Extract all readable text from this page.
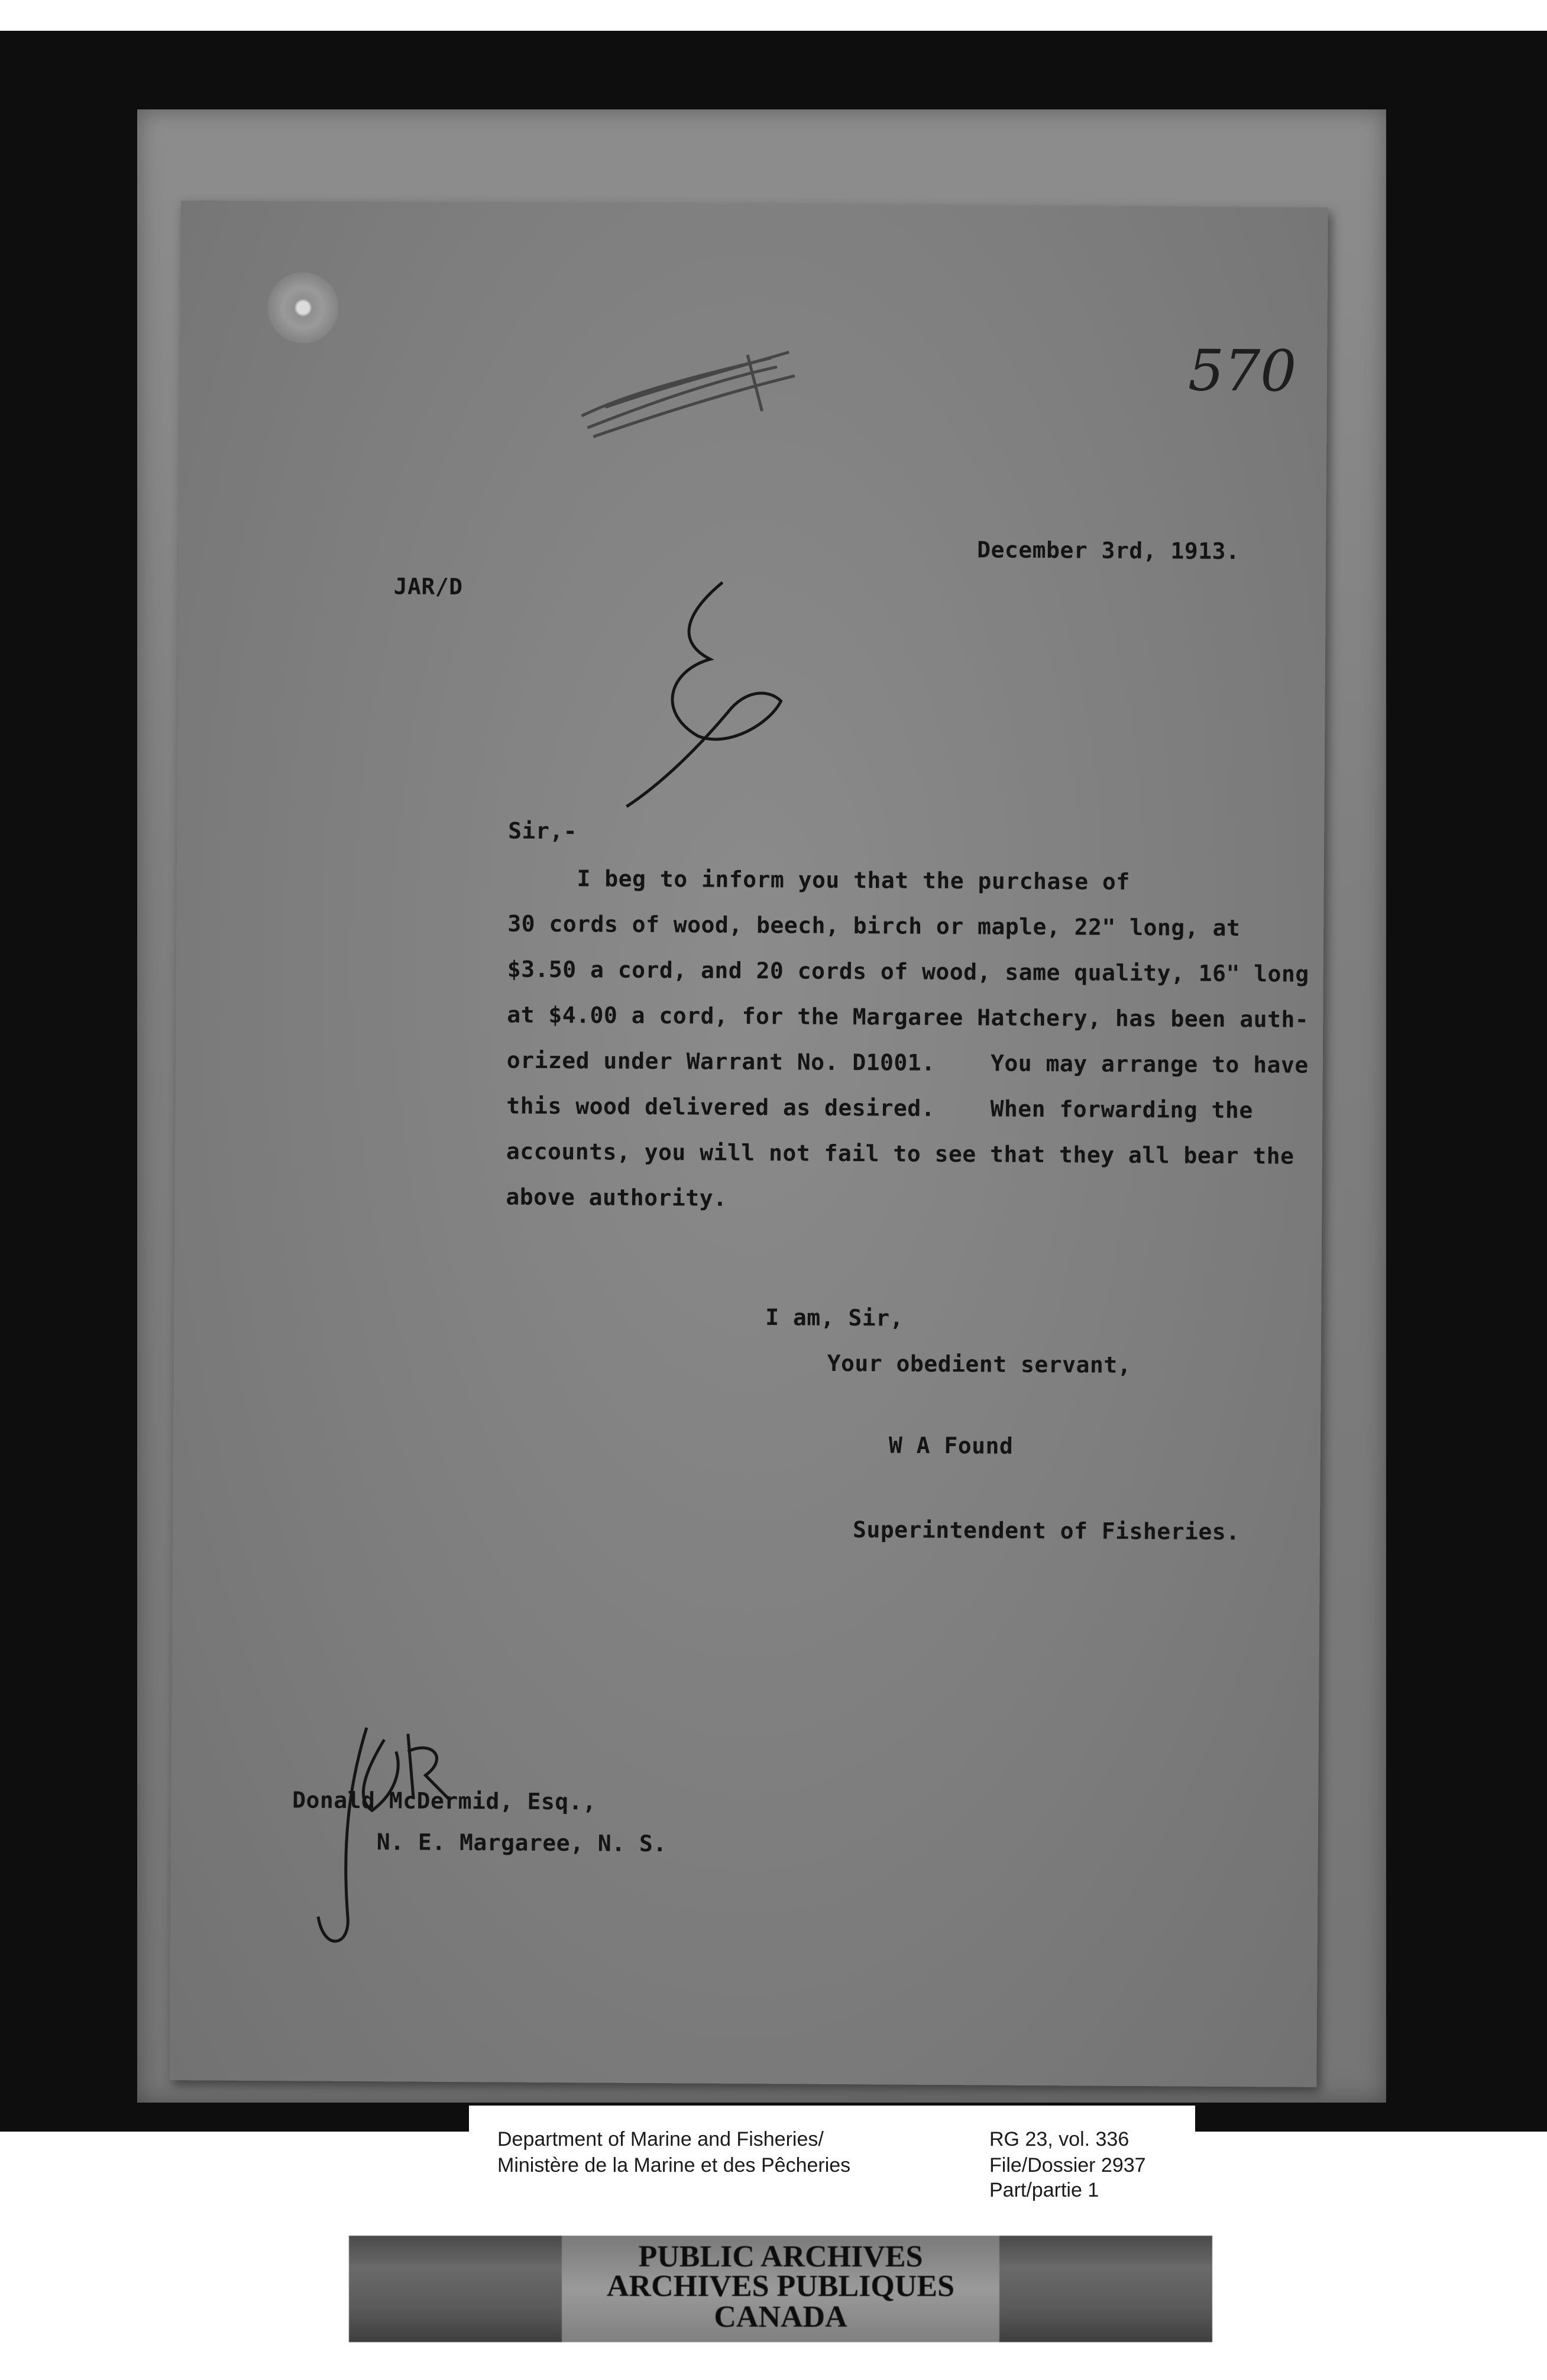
570
December 3rd, 1913.
JAR/D
Sir,-
I beg to inform you that the purchase of
30 cords of wood, beech, birch or maple, 22" long, at
$3.50 a cord, and 20 cords of wood, same quality, 16" long
at $4.00 a cord, for the Margaree Hatchery, has been auth-
orized under Warrant No. D1001.    You may arrange to have
this wood delivered as desired.    When forwarding the
accounts, you will not fail to see that they all bear the
above authority.
I am, Sir,
Your obedient servant,
W A Found
Superintendent of Fisheries.
Donald McDermid, Esq.,
N. E. Margaree, N. S.
Department of Marine and Fisheries/
Ministère de la Marine et des Pêcheries
RG 23, vol. 336
File/Dossier 2937
Part/partie 1
PUBLIC ARCHIVES
ARCHIVES PUBLIQUES
CANADA
